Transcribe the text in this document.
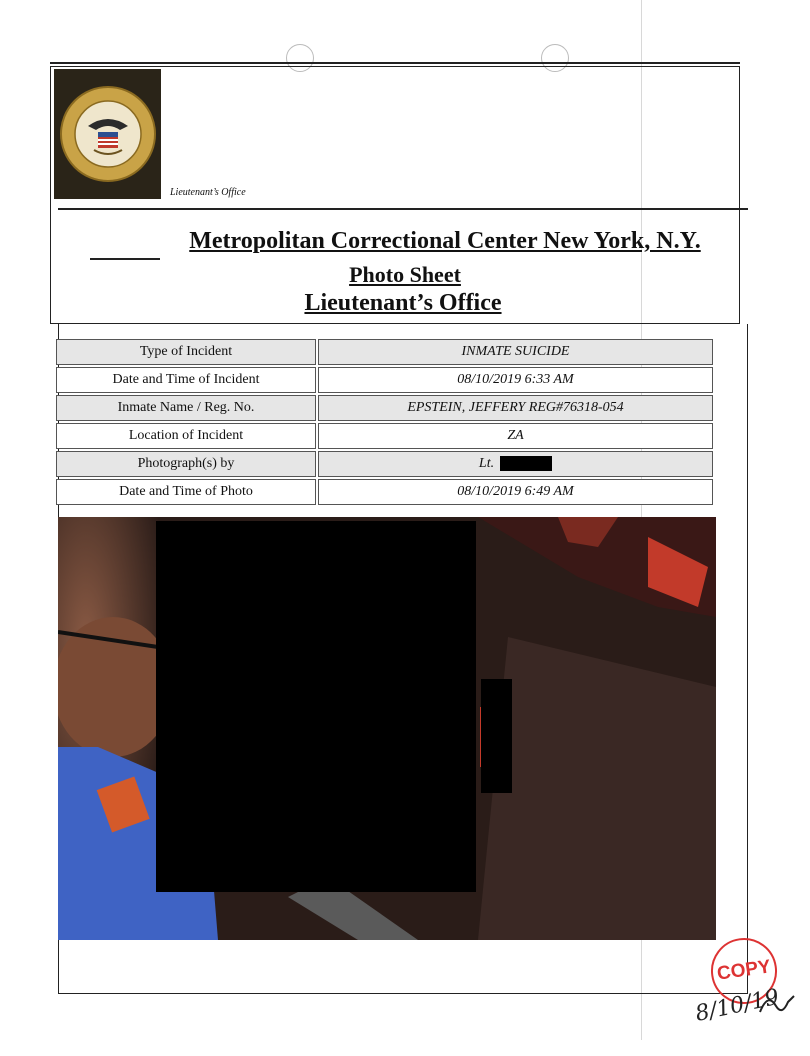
Lieutenant’s Office
Metropolitan Correctional Center New York, N.Y.
Photo Sheet
Lieutenant’s Office
Type of Incident	INMATE SUICIDE
Date and Time of Incident	08/10/2019 6:33 AM
Inmate Name / Reg. No.	EPSTEIN, JEFFERY REG#76318-054
Location of Incident	ZA
Photograph(s) by	Lt.
Date and Time of Photo	08/10/2019 6:49 AM
COPY
8/10/19
